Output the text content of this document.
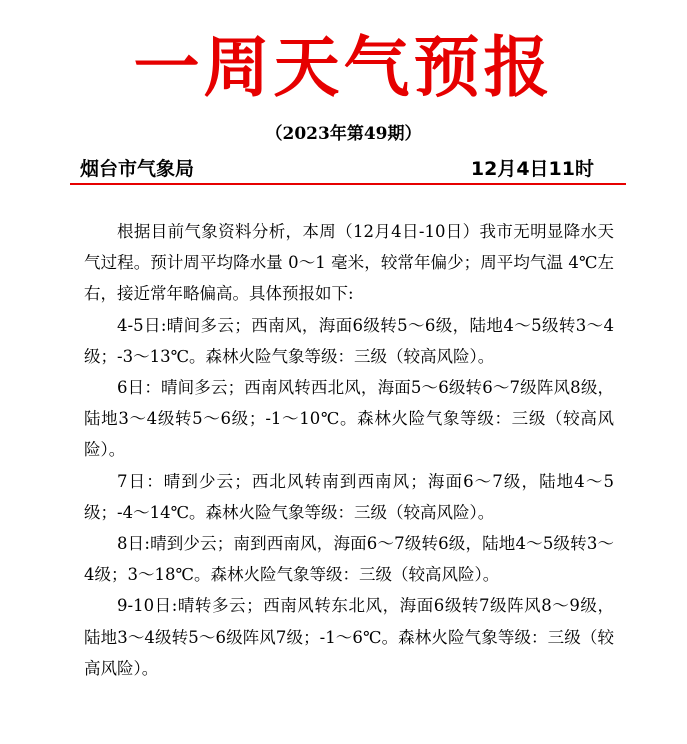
一周天气预报
（2023年第49期）
烟台市气象局	12月4日11时

根据目前气象资料分析，本周（12月4日-10日）我市无明显降水天气过程。预计周平均降水量 0～1 毫米，较常年偏少；周平均气温 4℃左右，接近常年略偏高。具体预报如下:

4-5日:晴间多云；西南风，海面6级转5～6级，陆地4～5级转3～4级；-3～13℃。森林火险气象等级：三级（较高风险）。

6日：晴间多云；西南风转西北风，海面5～6级转6～7级阵风8级，陆地3～4级转5～6级；-1～10℃。森林火险气象等级：三级（较高风险）。

7日：晴到少云；西北风转南到西南风；海面6～7级，陆地4～5级；-4～14℃。森林火险气象等级：三级（较高风险）。

8日:晴到少云；南到西南风，海面6～7级转6级，陆地4～5级转3～4级；3～18℃。森林火险气象等级：三级（较高风险）。

9-10日:晴转多云；西南风转东北风，海面6级转7级阵风8～9级，陆地3～4级转5～6级阵风7级；-1～6℃。森林火险气象等级：三级（较高风险）。
